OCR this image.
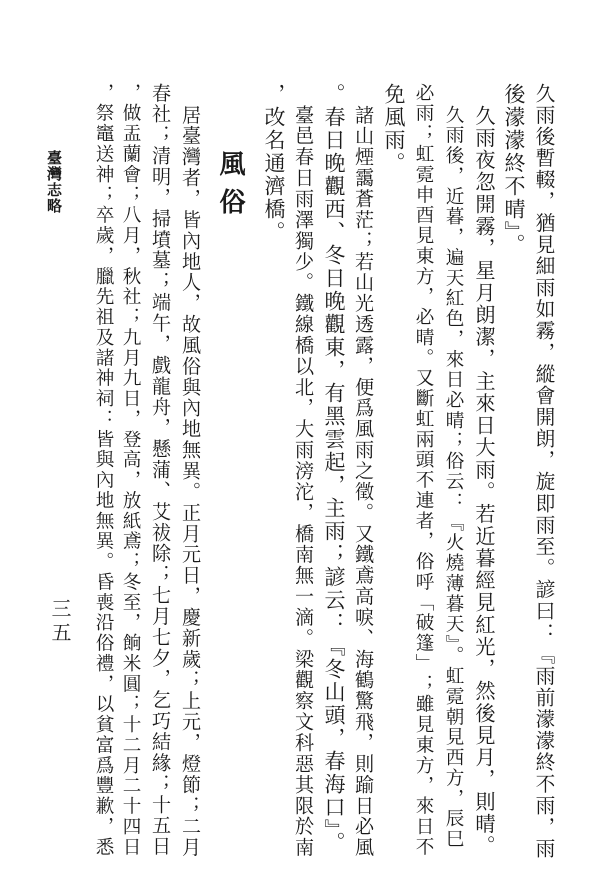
臺灣志略
三五	久雨後暫輟，猶見細雨如霧，縱會開朗，旋即雨至。諺曰：『雨前濛濛終不雨，雨
後濛濛終不晴』。
久雨夜忽開霧，星月朗潔，主來日大雨。若近暮經見紅光，然後見月，則晴。
久雨後，近暮，遍天紅色，來日必晴；俗云：『火燒薄暮天』。虹霓朝見西方，辰巳
必雨；虹霓申酉見東方，必晴。又斷虹兩頭不連者，俗呼「破篷」；雖見東方，來日不
免風雨。
諸山煙靄蒼茫；若山光透露，便爲風雨之徵。又鐵鳶高唳、海鶴驚飛，則踰日必風
。春日晚觀西、冬日晚觀東，有黑雲起，主雨；諺云：『冬山頭，春海口』。
臺邑春日雨澤獨少。鐵線橋以北，大雨滂沱，橋南無一滴。梁觀察文科惡其限於南
，改名通濟橋。
風俗
居臺灣者，皆內地人，故風俗與內地無異。正月元日，慶新歲；上元，燈節；二月
春社；清明，掃墳墓；端午，戲龍舟，懸蒲、艾祓除；七月七夕，乞巧結緣；十五日
，做盂蘭會；八月，秋社；九月九日，登高，放紙鳶；冬至，餉米圓；十二月二十四日
，祭竈送神；卒歲，臘先祖及諸神祠：皆與內地無異。昏喪沿俗禮，以貧富爲豐歉，悉
